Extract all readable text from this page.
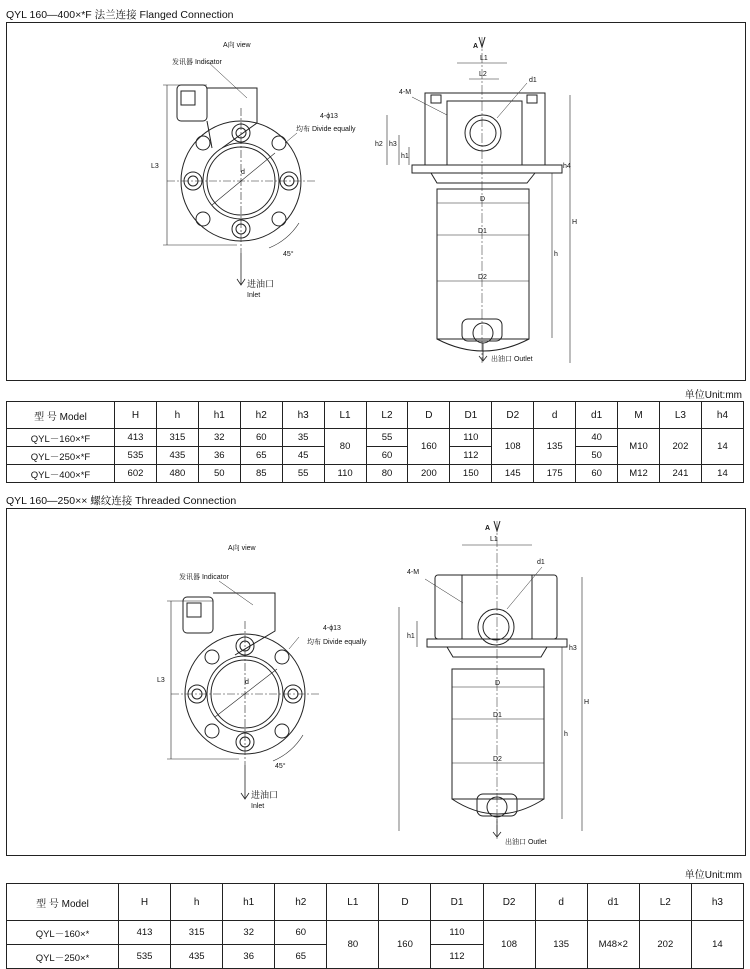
QYL 160—400×*F 法兰连接 Flanged Connection
A向 view
发讯器 Indicator
4-ϕ13
均布 Divide equally
d
L3
45°
进油口
Inlet
A
L1
L2
d1
4-M
h2 h3
h1
h4
D
D1
D2
H
h
出油口 Outlet
单位Unit:mm
型 号 Model	H	h	h1	h2	h3	L1	L2	D	D1	D2	d	d1	M	L3	h4
QYL－160×*F	413	315	32	60	35	80	55	160	110	108	135	40	M10	202	14
QYL－250×*F	535	435	36	65	45		60		112			50			
QYL－400×*F	602	480	50	85	55	110	80	200	150	145	175	60	M12	241	14
QYL 160—250×× 螺纹连接 Threaded Connection
A向 view
发讯器 Indicator
4-ϕ13
均布 Divide equally
d
L3
45°
进油口
Inlet
A
L1
d1
4-M
h1
h3
D
D1
D2
H
h
出油口 Outlet
单位Unit:mm
型 号 Model	H	h	h1	h2	L1	D	D1	D2	d	d1	L2	h3
QYL－160×*	413	315	32	60	80	160	110	108	135	M48×2	202	14
QYL－250×*	535	435	36	65			112					
